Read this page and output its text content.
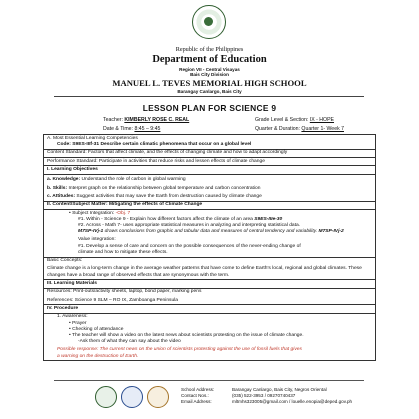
Republic of the Philippines
Department of Education
Region VII - Central Visayas
Bais City Division
MANUEL L. TEVES MEMORIAL HIGH SCHOOL
Barangay Canlargo, Bais City
LESSON PLAN FOR SCIENCE 9
Teacher: KIMBERLY ROSE C. REAL	Grade Level & Section: IX - HOPE
Date & Time: 8:45 – 9:45	Quarter & Duration: Quarter 1- Week 7
A. Most Essential Learning Competencies
Code: S9ES-IIIf-31 Describe certain climatic phenomena that occur on a global level
Content Standard: Factors that affect climate, and the effects of changing climate and how to adapt accordingly
Performance Standard: Participate in activities that reduce risks and lessen effects of climate change
I. Learning Objectives
a. Knowledge: Understand the role of carbon in global warming
b. Skills: Interpret graph on the relationship between global temperature and carbon concentration
c. Attitudes: Suggest activities that may save the Earth from destruction caused by climate change
II. Content/Subject Matter: Mitigating the effects of Climate Change
• Subject Integration: -Obj. 7
#1. Within - Science 9 - Explain how different factors affect the climate of an area S9ES-IIIe-30
#2. Across - Math 7- uses appropriate statistical measures in analyzing and interpreting statistical data.
M7SP-IVj-1 draws conclusions from graphic and tabular data and measures of central tendency and variability. M7SP-IVj-2
Value integration:
#1. Develop a sense of care and concern on the possible consequences of the never-ending change of
climate and how to mitigate these effects.
Basic Concepts:
Climate change is a long-term change in the average weather patterns that have come to define Earth's local, regional and global climates. These changes have a broad range of observed effects that are synonymous with the term.
III. Learning Materials
Resources: Print-outs/activity sheets, laptop, bond paper, marking pens
References: Science 9 SLM – RO IX, Zamboanga Peninsula
IV. Procedure
1. Awareness:
• Prayer
• Checking of attendance
• The teacher will show a video on the latest news about scientists protesting on the issue of climate change.
-Ask them of what they can say about the video
Possible response: The current news on the union of scientists protesting against the use of fossil fuels that gives
a warning on the destruction of Earth.
School Address:
Contact Nos.:
Email Address:
Barangay Canlargo, Bais City, Negros Oriental
(035) 522-3953 / 09270740437
mltmhs323005@gmail.com / louelle.enopia@deped.gov.ph
